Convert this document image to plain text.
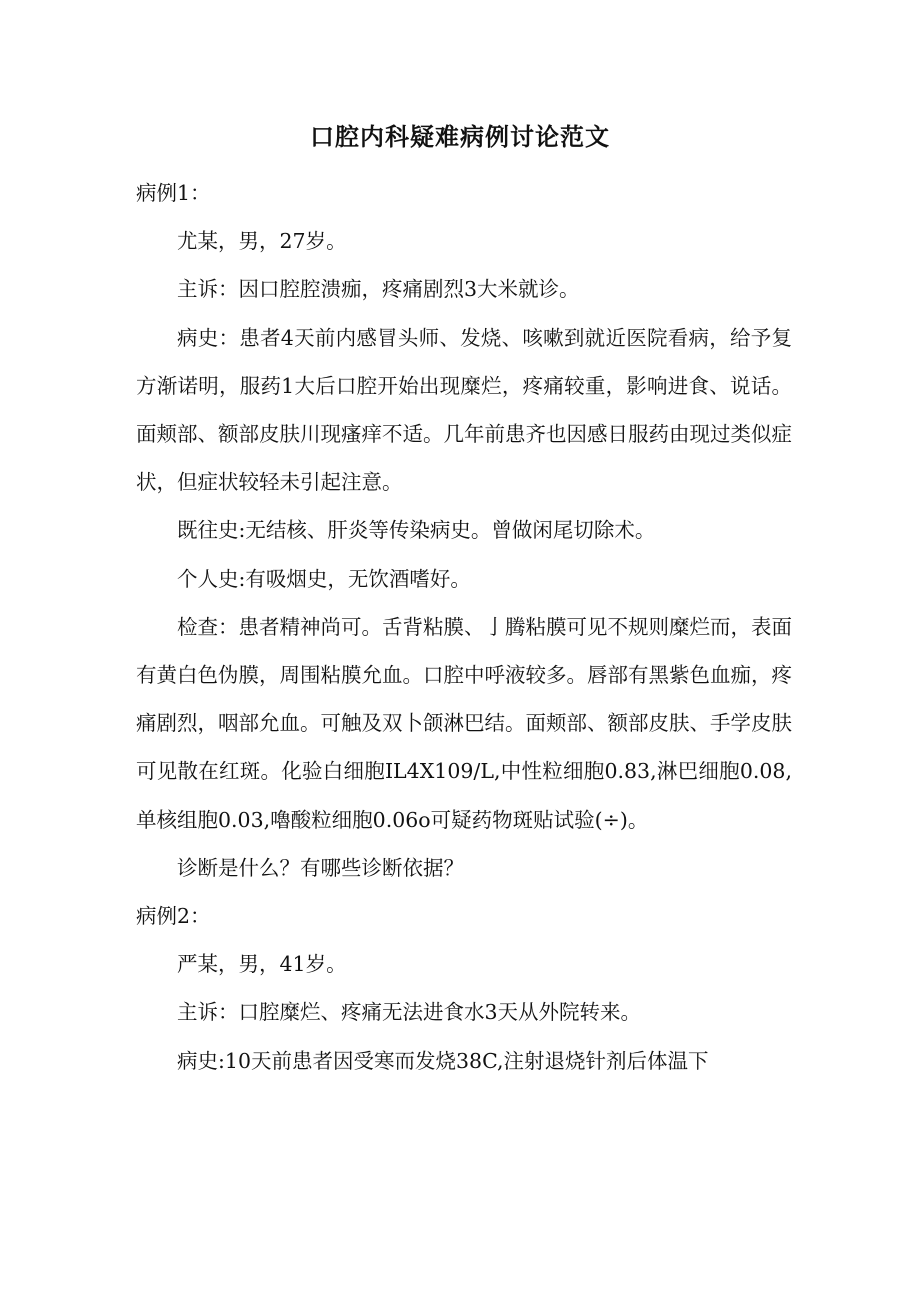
口腔内科疑难病例讨论范文

病例1：

尤某，男，27岁。

主诉：因口腔腔溃痂，疼痛剧烈3大米就诊。

病史：患者4天前内感冒头师、发烧、咳嗽到就近医院看病，给予复方渐诺明，服药1大后口腔开始出现糜烂，疼痛较重，影响进食、说话。面颊部、额部皮肤川现瘙痒不适。几年前患齐也因感日服药由现过类似症状，但症状较轻未引起注意。

既往史:无结核、肝炎等传染病史。曾做闲尾切除术。

个人史:有吸烟史，无饮酒嗜好。

检查：患者精神尚可。舌背粘膜、亅腾粘膜可见不规则糜烂而，表面有黄白色伪膜，周围粘膜允血。口腔中呼液较多。唇部有黑紫色血痂，疼痛剧烈，咽部允血。可触及双卜颌淋巴结。面颊部、额部皮肤、手学皮肤可见散在红斑。化验白细胞IL4X109/L,中性粒细胞0.83,淋巴细胞0.08,单核组胞0.03,嚕酸粒细胞0.06o可疑药物斑贴试验(÷)。

诊断是什么？有哪些诊断依据？

病例2：

严某，男，41岁。

主诉：口腔糜烂、疼痛无法进食水3天从外院转来。

病史:10天前患者因受寒而发烧38C,注射退烧针剂后体温下
